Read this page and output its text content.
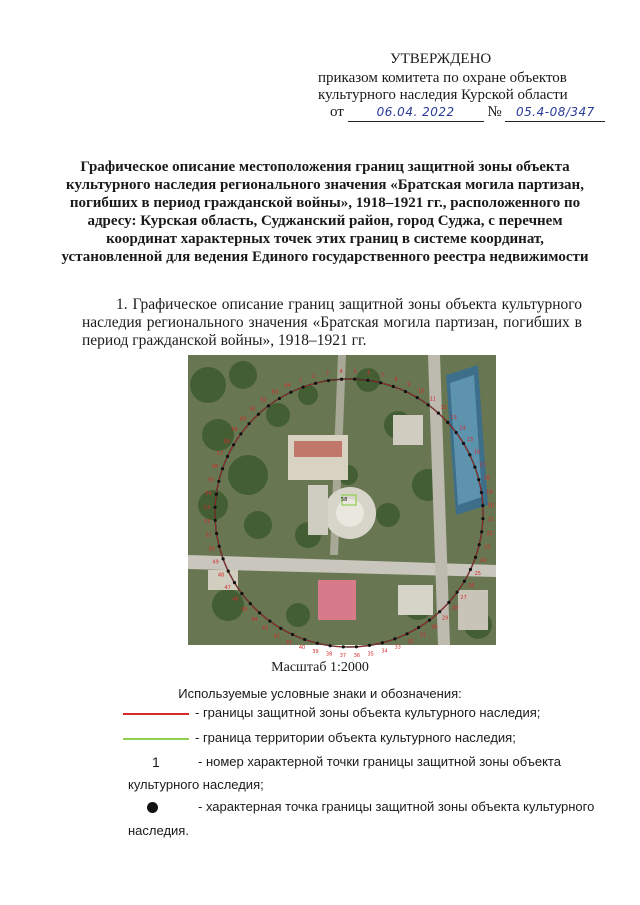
УТВЕРЖДЕНО
приказом комитета по охране объектов
культурного наследия Курской области
от	06.04. 2022 № 05.4-08/347
Графическое описание местоположения границ защитной зоны объекта культурного наследия регионального значения «Братская могила партизан, погибших в период гражданской войны», 1918–1921 гг., расположенного по адресу: Курская область, Суджанский район, город Суджа, с перечнем координат характерных точек этих границ в системе координат, установленной для ведения Единого государственного реестра недвижимости
1. Графическое описание границ защитной зоны объекта культурного наследия регионального значения «Братская могила партизан, погибших в период гражданской войны», 1918–1921 гг.
1
2 3 4 5 6 7
8
9
10
11
12
13
14
15
16
17
18
19
20
21
22
23
24
25
26
27
28
29
30
31
32
33
34
35
36
37
38
39
40
41
42
43
44
45
46
47
48
49
50
51
52
53
54
55
56
57
58
59
60
61
62
63
64
58
Масштаб 1:2000
Используемые условные знаки и обозначения:
- границы защитной зоны объекта культурного наследия;
- граница территории объекта культурного наследия;
1	- номер характерной точки границы защитной зоны объекта
культурного наследия;
- характерная точка границы защитной зоны объекта культурного
наследия.
